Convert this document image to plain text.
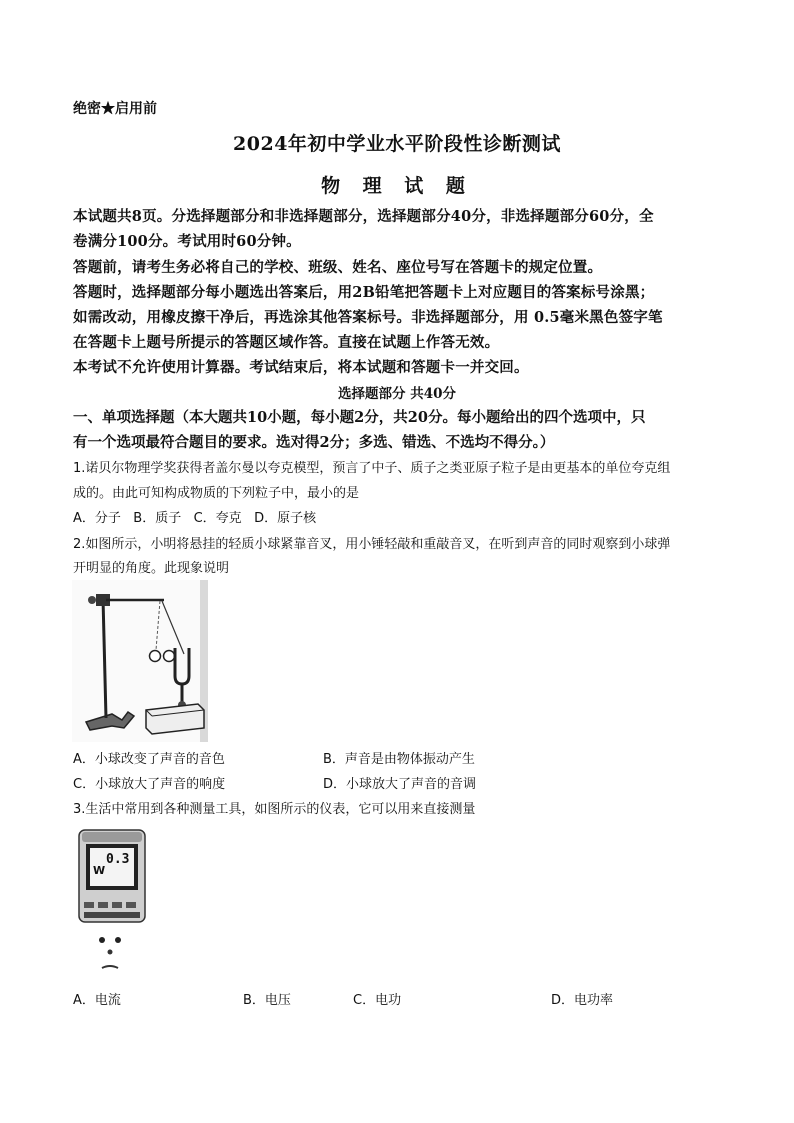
绝密★启用前
2024年初中学业水平阶段性诊断测试
物 理 试 题
本试题共8页。分选择题部分和非选择题部分，选择题部分40分，非选择题部分60分，全
卷满分100分。考试用时60分钟。
答题前，请考生务必将自己的学校、班级、姓名、座位号写在答题卡的规定位置。
答题时，选择题部分每小题选出答案后，用2B铅笔把答题卡上对应题目的答案标号涂黑；
如需改动，用橡皮擦干净后，再选涂其他答案标号。非选择题部分，用 0.5毫米黑色签字笔
在答题卡上题号所提示的答题区域作答。直接在试题上作答无效。
本考试不允许使用计算器。考试结束后，将本试题和答题卡一并交回。
选择题部分 共40分
一、单项选择题（本大题共10小题，每小题2分，共20分。每小题给出的四个选项中，只
有一个选项最符合题目的要求。选对得2分；多选、错选、不选均不得分。）
1.诺贝尔物理学奖获得者盖尔曼以夸克模型，预言了中子、质子之类亚原子粒子是由更基本的单位夸克组
成的。由此可知构成物质的下列粒子中，最小的是
A．分子   B．质子   C．夸克   D．原子核
2.如图所示，小明将悬挂的轻质小球紧靠音叉，用小锤轻敲和重敲音叉，在听到声音的同时观察到小球弹
开明显的角度。此现象说明
A．小球改变了声音的音色	B．声音是由物体振动产生
C．小球放大了声音的响度	D．小球放大了声音的音调
3.生活中常用到各种测量工具，如图所示的仪表，它可以用来直接测量
0.3
W
A．电流	B．电压	C．电功	D．电功率
